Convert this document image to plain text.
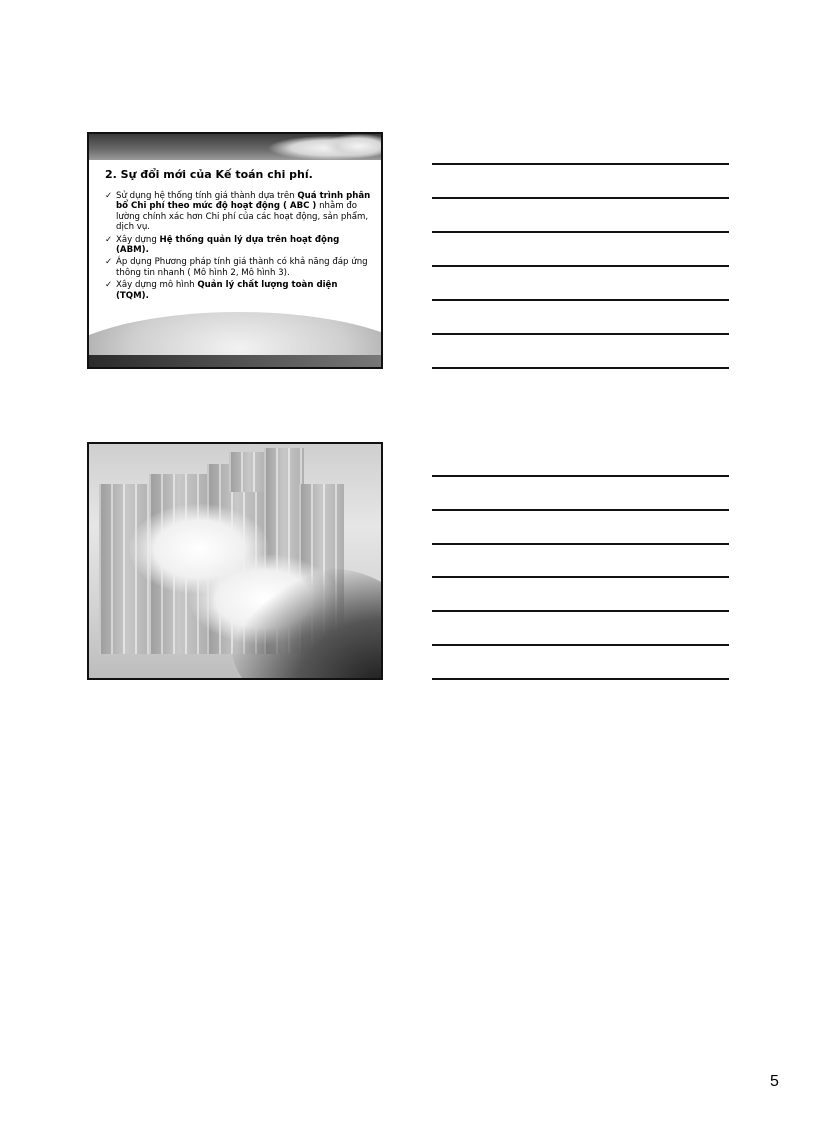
2. Sự đổi mới của Kế toán chi phí.

✓ Sử dụng hệ thống tính giá thành dựa trên Quá trình phân bổ Chi phí theo mức độ hoạt động ( ABC ) nhằm đo lường chính xác hơn Chi phí của các hoạt động, sản phẩm, dịch vụ.
✓ Xây dựng Hệ thống quản lý dựa trên hoạt động (ABM).
✓ Áp dụng Phương pháp tính giá thành có khả năng đáp ứng thông tin nhanh ( Mô hình 2, Mô hình 3).
✓ Xây dựng mô hình Quản lý chất lượng toàn diện (TQM).
5
